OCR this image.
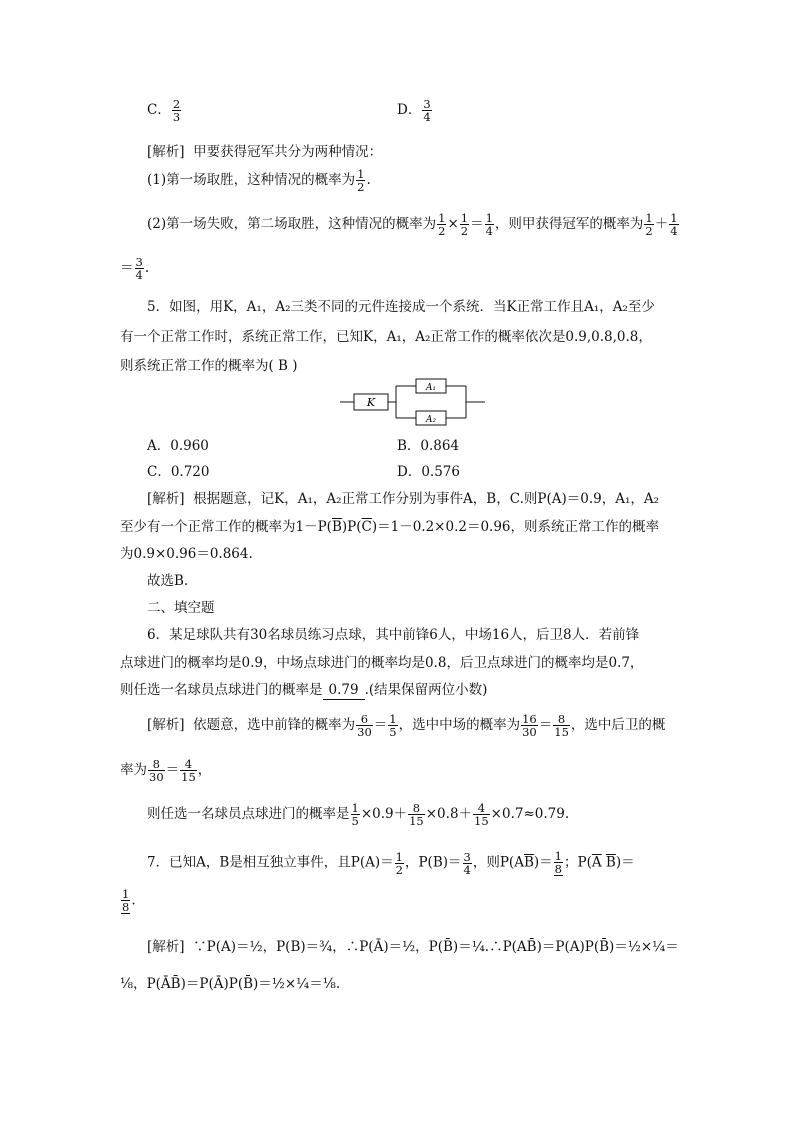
C． $\frac{2}{3}$	D． $\frac{3}{4}$
[解析] 甲要获得冠军共分为两种情况：
(1)第一场取胜，这种情况的概率为 $\frac{1}{2}$ .
(2)第一场失败，第二场取胜，这种情况的概率为 $\frac{1}{2} \times \frac{1}{2} = \frac{1}{4}$ ，则甲获得冠军的概率为 $\frac{1}{2} + \frac{1}{4}$
＝ $\frac{3}{4}$ .
5．如图，用K，A₁，A₂三类不同的元件连接成一个系统．当K正常工作且A₁，A₂至少
有一个正常工作时，系统正常工作，已知K，A₁，A₂正常工作的概率依次是0.9,0.8,0.8，
则系统正常工作的概率为( B )
K
A₁
A₂
A．0.960	B．0.864
C．0.720	D．0.576
[解析] 根据题意，记K，A₁，A₂正常工作分别为事件A，B，C.则P(A)＝0.9，A₁，A₂
至少有一个正常工作的概率为$1-P(\overline{B})P(\overline{C})=1-0.2\times 0.2=0.96$，则系统正常工作的概率
为0.9×0.96＝0.864.
故选B.
二、填空题
6．某足球队共有30名球员练习点球，其中前锋6人，中场16人，后卫8人．若前锋
点球进门的概率均是0.9，中场点球进门的概率均是0.8，后卫点球进门的概率均是0.7，
则任选一名球员点球进门的概率是 0.79 .(结果保留两位小数)
[解析] 依题意，选中前锋的概率为 $\frac{6}{30} = \frac{1}{5}$ ，选中中场的概率为 $\frac{16}{30} = \frac{8}{15}$ ，选中后卫的概
率为 $\frac{8}{30} = \frac{4}{15}$ ，
则任选一名球员点球进门的概率是 $\frac{1}{5} \times 0.9+ \frac{8}{15} \times 0.8+ \frac{4}{15} \times 0.7\approx 0.79$.
7．已知A，B是相互独立事件，且$P(A)= \frac{1}{2}$ ，$P(B)= \frac{3}{4}$ ，则$P(A\overline{B})= \frac{1}{8}$ ；$P(\overline{A}$ $\overline{B})=$
$\frac{1}{8}$ .
[解析] ∵P(A)＝½，P(B)＝¾，∴P(Ā)＝½，P(B̄)＝¼.∴P(AB̄)＝P(A)P(B̄)＝½×¼＝
⅛，P(ĀB̄)＝P(Ā)P(B̄)＝½×¼＝⅛.
